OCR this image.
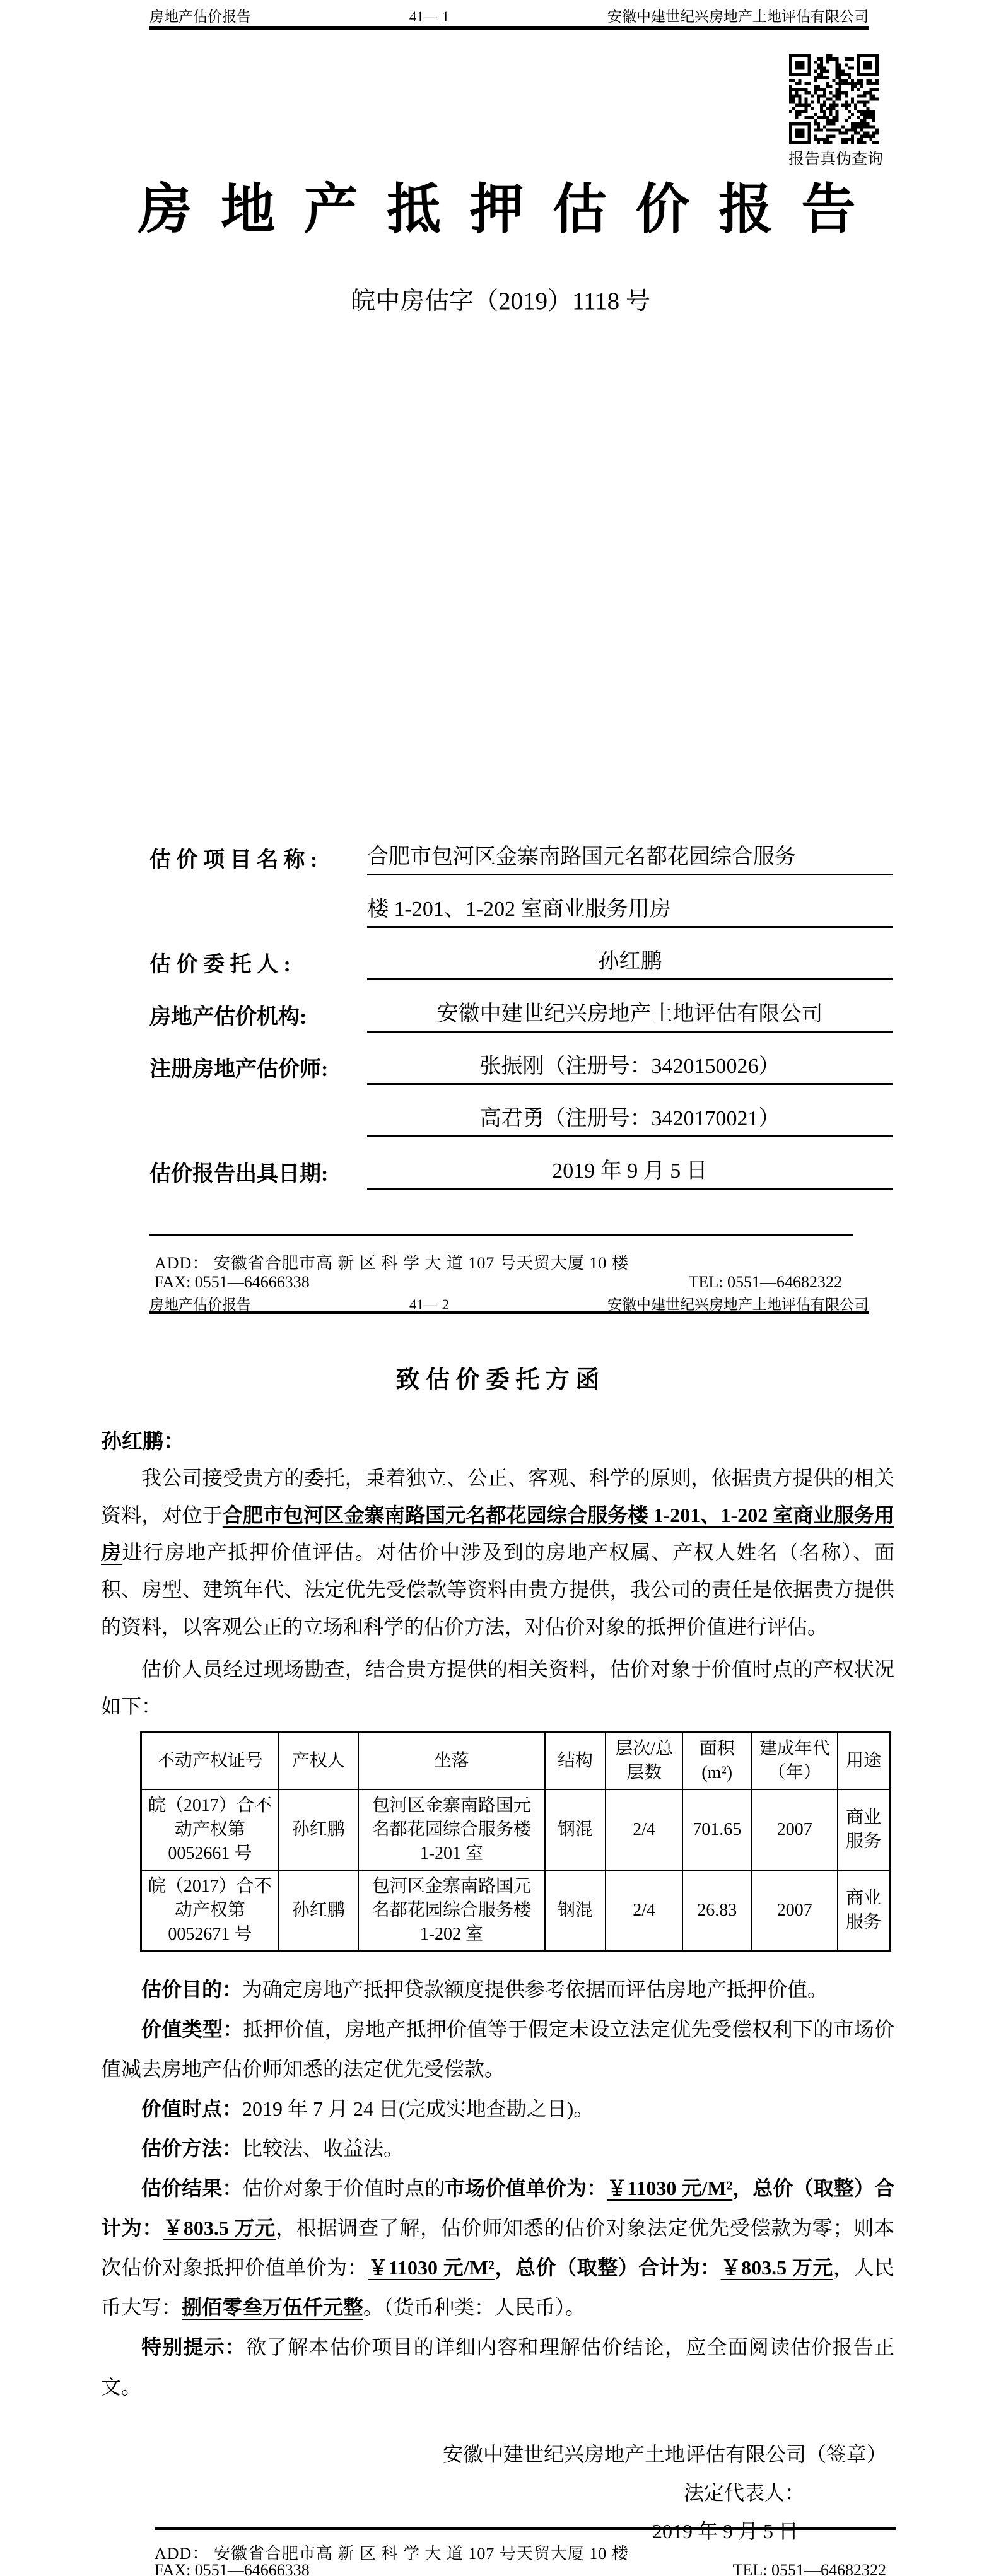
房地产估价报告	41— 1	安徽中建世纪兴房地产土地评估有限公司
报告真伪查询
房 地 产 抵 押 估 价 报 告
皖中房估字（2019）1118 号
估 价 项 目 名 称 :	合肥市包河区金寨南路国元名都花园综合服务
楼 1-201、1-202 室商业服务用房
估 价 委 托 人 :	孙红鹏
房地产估价机构:	安徽中建世纪兴房地产土地评估有限公司
注册房地产估价师:	张振刚（注册号：3420150026）
高君勇（注册号：3420170021）
估价报告出具日期:	2019 年 9 月 5 日
ADD： 安徽省合肥市高 新 区 科 学 大 道 107 号天贸大厦 10 楼
FAX: 0551—64666338	TEL: 0551—64682322
房地产估价报告	41— 2	安徽中建世纪兴房地产土地评估有限公司
致 估 价 委 托 方 函
孙红鹏：

我公司接受贵方的委托，秉着独立、公正、客观、科学的原则，依据贵方提供的相关资料，对位于合肥市包河区金寨南路国元名都花园综合服务楼 1-201、1-202 室商业服务用房进行房地产抵押价值评估。对估价中涉及到的房地产权属、产权人姓名（名称）、面积、房型、建筑年代、法定优先受偿款等资料由贵方提供，我公司的责任是依据贵方提供的资料，以客观公正的立场和科学的估价方法，对估价对象的抵押价值进行评估。

估价人员经过现场勘查，结合贵方提供的相关资料，估价对象于价值时点的产权状况如下：

不动产权证号	产权人	坐落	结构	层次/总层数	面积(m²)	建成年代（年）	用途
皖（2017）合不动产权第 0052661 号	孙红鹏	包河区金寨南路国元名都花园综合服务楼 1-201 室	钢混	2/4	701.65	2007	商业服务
皖（2017）合不动产权第 0052671 号	孙红鹏	包河区金寨南路国元名都花园综合服务楼 1-202 室	钢混	2/4	26.83	2007	商业服务

估价目的：为确定房地产抵押贷款额度提供参考依据而评估房地产抵押价值。

价值类型：抵押价值，房地产抵押价值等于假定未设立法定优先受偿权利下的市场价值减去房地产估价师知悉的法定优先受偿款。

价值时点：2019 年 7 月 24 日(完成实地查勘之日)。

估价方法：比较法、收益法。

估价结果：估价对象于价值时点的市场价值单价为：￥11030 元/M²，总价（取整）合计为：￥803.5 万元，根据调查了解，估价师知悉的估价对象法定优先受偿款为零；则本次估价对象抵押价值单价为：￥11030 元/M²，总价（取整）合计为：￥803.5 万元，人民币大写：捌佰零叁万伍仟元整。（货币种类：人民币）。

特别提示：欲了解本估价项目的详细内容和理解估价结论，应全面阅读估价报告正文。

安徽中建世纪兴房地产土地评估有限公司（签章）
法定代表人：
2019 年 9 月 5 日
ADD： 安徽省合肥市高 新 区 科 学 大 道 107 号天贸大厦 10 楼
FAX: 0551—64666338	TEL: 0551—64682322
